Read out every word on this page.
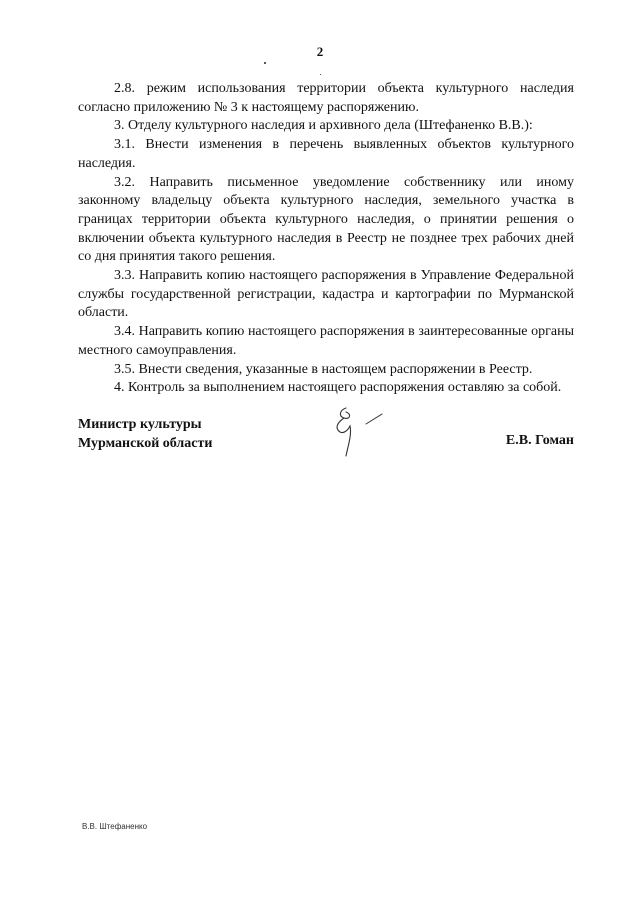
2

2.8. режим использования территории объекта культурного наследия согласно приложению № 3 к настоящему распоряжению.

3. Отделу культурного наследия и архивного дела (Штефаненко В.В.):

3.1. Внести изменения в перечень выявленных объектов культурного наследия.

3.2. Направить письменное уведомление собственнику или иному законному владельцу объекта культурного наследия, земельного участка в границах территории объекта культурного наследия, о принятии решения о включении объекта культурного наследия в Реестр не позднее трех рабочих дней со дня принятия такого решения.

3.3. Направить копию настоящего распоряжения в Управление Федеральной службы государственной регистрации, кадастра и картографии по Мурманской области.

3.4. Направить копию настоящего распоряжения в заинтересованные органы местного самоуправления.

3.5. Внести сведения, указанные в настоящем распоряжении в Реестр.

4. Контроль за выполнением настоящего распоряжения оставляю за собой.

Министр культуры
Мурманской области	Е.В. Гоман
В.В. Штефаненко
